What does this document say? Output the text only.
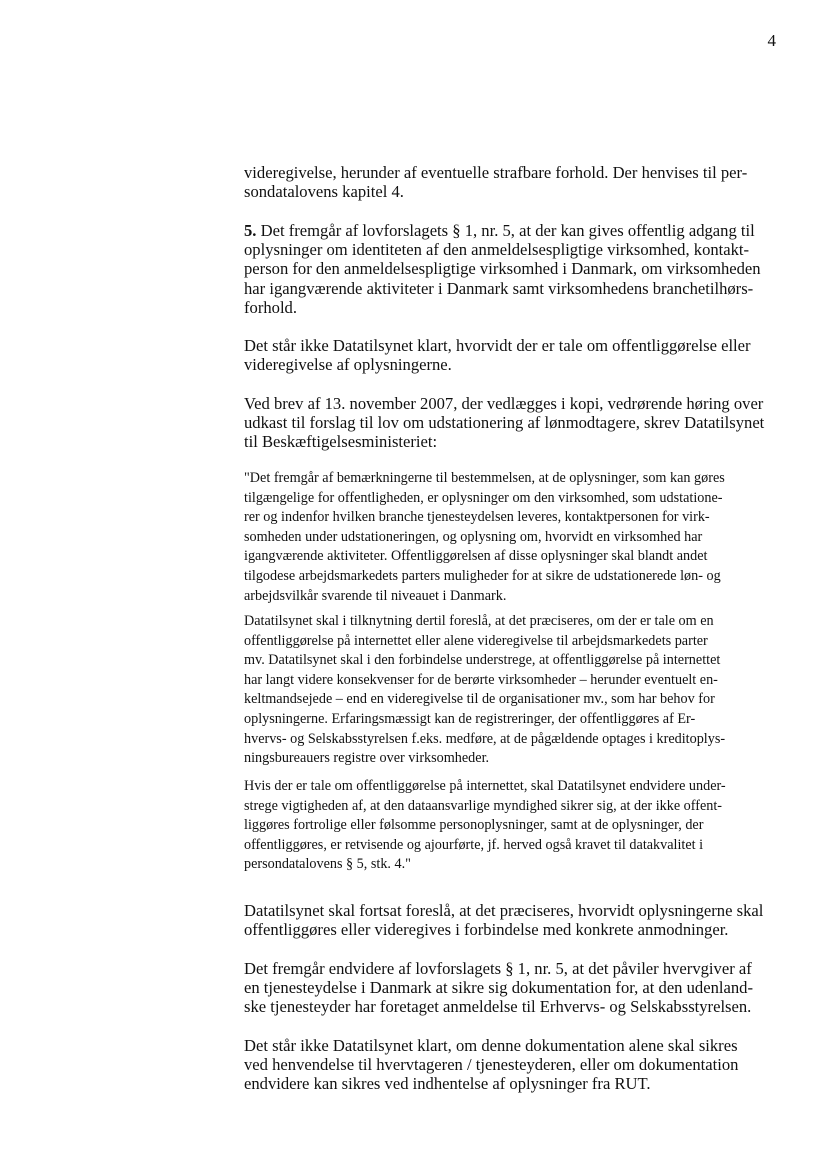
4

videregivelse, herunder af eventuelle strafbare forhold. Der henvises til per-
sondatalovens kapitel 4.

5. Det fremgår af lovforslagets § 1, nr. 5, at der kan gives offentlig adgang til
oplysninger om identiteten af den anmeldelsespligtige virksomhed, kontakt-
person for den anmeldelsespligtige virksomhed i Danmark, om virksomheden
har igangværende aktiviteter i Danmark samt virksomhedens branchetilhørs-
forhold.

Det står ikke Datatilsynet klart, hvorvidt der er tale om offentliggørelse eller
videregivelse af oplysningerne.

Ved brev af 13. november 2007, der vedlægges i kopi, vedrørende høring over
udkast til forslag til lov om udstationering af lønmodtagere, skrev Datatilsynet
til Beskæftigelsesministeriet:

"Det fremgår af bemærkningerne til bestemmelsen, at de oplysninger, som kan gøres
tilgængelige for offentligheden, er oplysninger om den virksomhed, som udstatione-
rer og indenfor hvilken branche tjenesteydelsen leveres, kontaktpersonen for virk-
somheden under udstationeringen, og oplysning om, hvorvidt en virksomhed har
igangværende aktiviteter. Offentliggørelsen af disse oplysninger skal blandt andet
tilgodese arbejdsmarkedets parters muligheder for at sikre de udstationerede løn- og
arbejdsvilkår svarende til niveauet i Danmark.

Datatilsynet skal i tilknytning dertil foreslå, at det præciseres, om der er tale om en
offentliggørelse på internettet eller alene videregivelse til arbejdsmarkedets parter
mv. Datatilsynet skal i den forbindelse understrege, at offentliggørelse på internettet
har langt videre konsekvenser for de berørte virksomheder – herunder eventuelt en-
keltmandsejede – end en videregivelse til de organisationer mv., som har behov for
oplysningerne. Erfaringsmæssigt kan de registreringer, der offentliggøres af Er-
hvervs- og Selskabsstyrelsen f.eks. medføre, at de pågældende optages i kreditoplys-
ningsbureauers registre over virksomheder.

Hvis der er tale om offentliggørelse på internettet, skal Datatilsynet endvidere under-
strege vigtigheden af, at den dataansvarlige myndighed sikrer sig, at der ikke offent-
liggøres fortrolige eller følsomme personoplysninger, samt at de oplysninger, der
offentliggøres, er retvisende og ajourførte, jf. herved også kravet til datakvalitet i
persondatalovens § 5, stk. 4."

Datatilsynet skal fortsat foreslå, at det præciseres, hvorvidt oplysningerne skal
offentliggøres eller videregives i forbindelse med konkrete anmodninger.

Det fremgår endvidere af lovforslagets § 1, nr. 5, at det påviler hvervgiver af
en tjenesteydelse i Danmark at sikre sig dokumentation for, at den udenland-
ske tjenesteyder har foretaget anmeldelse til Erhvervs- og Selskabsstyrelsen.

Det står ikke Datatilsynet klart, om denne dokumentation alene skal sikres
ved henvendelse til hvervtageren / tjenesteyderen, eller om dokumentation
endvidere kan sikres ved indhentelse af oplysninger fra RUT.
